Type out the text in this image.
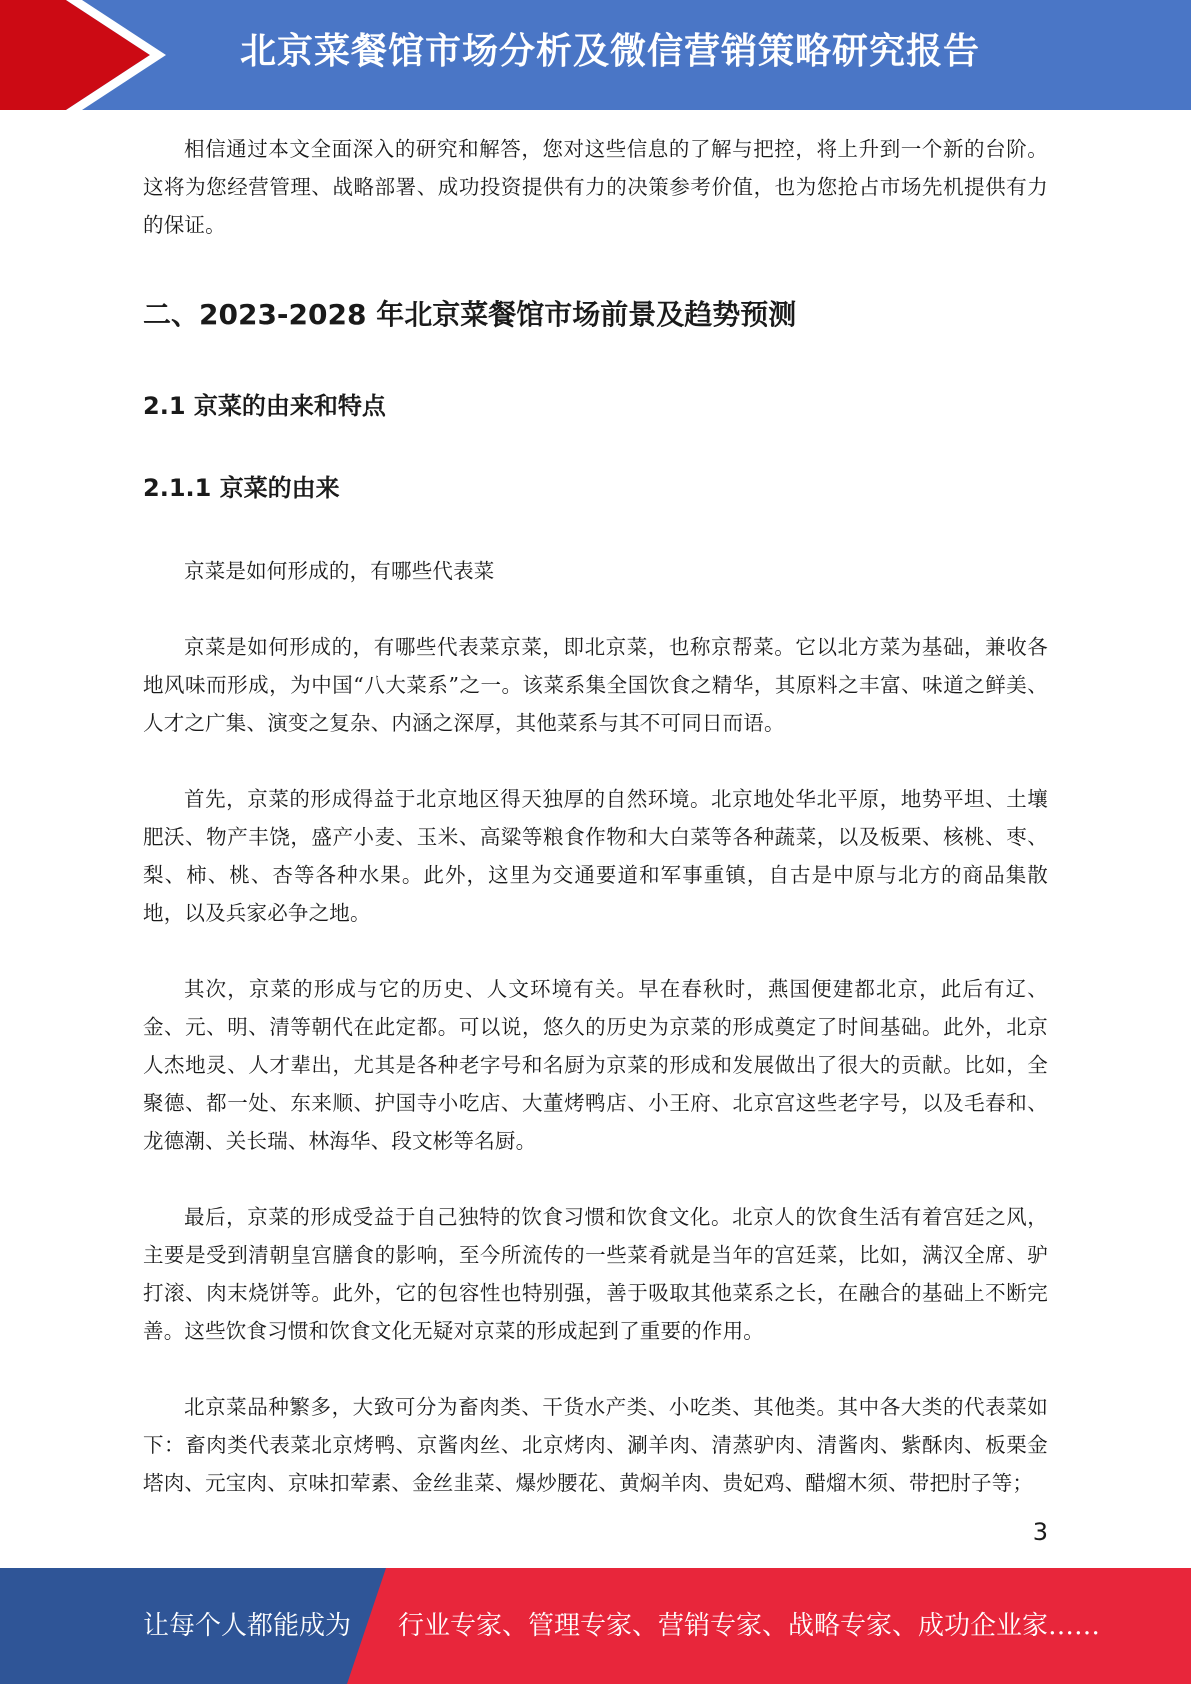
北京菜餐馆市场分析及微信营销策略研究报告

相信通过本文全面深入的研究和解答，您对这些信息的了解与把控，将上升到一个新的台阶。这将为您经营管理、战略部署、成功投资提供有力的决策参考价值，也为您抢占市场先机提供有力的保证。

二、2023-2028 年北京菜餐馆市场前景及趋势预测
2.1 京菜的由来和特点
2.1.1 京菜的由来

京菜是如何形成的，有哪些代表菜

京菜是如何形成的，有哪些代表菜京菜，即北京菜，也称京帮菜。它以北方菜为基础，兼收各地风味而形成，为中国“八大菜系”之一。该菜系集全国饮食之精华，其原料之丰富、味道之鲜美、人才之广集、演变之复杂、内涵之深厚，其他菜系与其不可同日而语。

首先，京菜的形成得益于北京地区得天独厚的自然环境。北京地处华北平原，地势平坦、土壤肥沃、物产丰饶，盛产小麦、玉米、高粱等粮食作物和大白菜等各种蔬菜，以及板栗、核桃、枣、梨、柿、桃、杏等各种水果。此外，这里为交通要道和军事重镇，自古是中原与北方的商品集散地，以及兵家必争之地。

其次，京菜的形成与它的历史、人文环境有关。早在春秋时，燕国便建都北京，此后有辽、金、元、明、清等朝代在此定都。可以说，悠久的历史为京菜的形成奠定了时间基础。此外，北京人杰地灵、人才辈出，尤其是各种老字号和名厨为京菜的形成和发展做出了很大的贡献。比如，全聚德、都一处、东来顺、护国寺小吃店、大董烤鸭店、小王府、北京宫这些老字号，以及毛春和、龙德潮、关长瑞、林海华、段文彬等名厨。

最后，京菜的形成受益于自己独特的饮食习惯和饮食文化。北京人的饮食生活有着宫廷之风，主要是受到清朝皇宫膳食的影响，至今所流传的一些菜肴就是当年的宫廷菜，比如，满汉全席、驴打滚、肉末烧饼等。此外，它的包容性也特别强，善于吸取其他菜系之长，在融合的基础上不断完善。这些饮食习惯和饮食文化无疑对京菜的形成起到了重要的作用。

北京菜品种繁多，大致可分为畜肉类、干货水产类、小吃类、其他类。其中各大类的代表菜如下：畜肉类代表菜北京烤鸭、京酱肉丝、北京烤肉、涮羊肉、清蒸驴肉、清酱肉、紫酥肉、板栗金塔肉、元宝肉、京味扣荤素、金丝韭菜、爆炒腰花、黄焖羊肉、贵妃鸡、醋熘木须、带把肘子等；

3
让每个人都能成为 行业专家、管理专家、营销专家、战略专家、成功企业家……
